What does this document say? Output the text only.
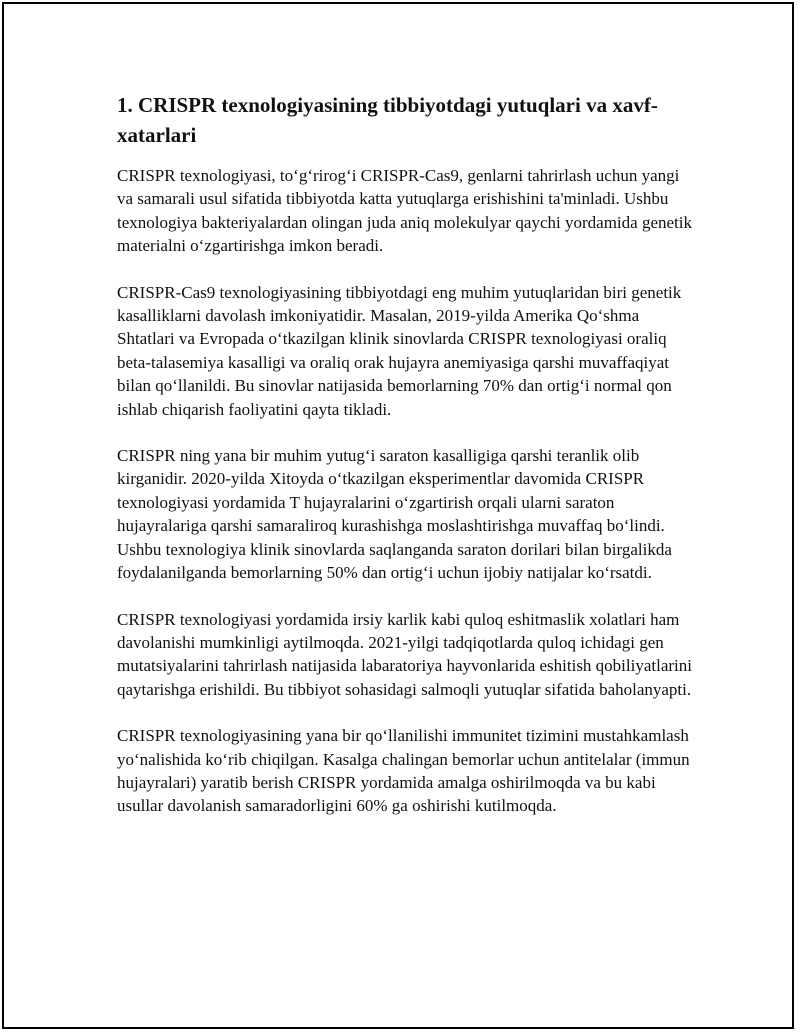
1. CRISPR texnologiyasining tibbiyotdagi yutuqlari va xavf-xatarlari

CRISPR texnologiyasi, to‘g‘rirog‘i CRISPR-Cas9, genlarni tahrirlash uchun yangi va samarali usul sifatida tibbiyotda katta yutuqlarga erishishini ta'minladi. Ushbu texnologiya bakteriyalardan olingan juda aniq molekulyar qaychi yordamida genetik materialni o‘zgartirishga imkon beradi.

CRISPR-Cas9 texnologiyasining tibbiyotdagi eng muhim yutuqlaridan biri genetik kasalliklarni davolash imkoniyatidir. Masalan, 2019-yilda Amerika Qo‘shma Shtatlari va Evropada o‘tkazilgan klinik sinovlarda CRISPR texnologiyasi oraliq beta-talasemiya kasalligi va oraliq orak hujayra anemiyasiga qarshi muvaffaqiyat bilan qo‘llanildi. Bu sinovlar natijasida bemorlarning 70% dan ortig‘i normal qon ishlab chiqarish faoliyatini qayta tikladi.

CRISPR ning yana bir muhim yutug‘i saraton kasalligiga qarshi teranlik olib kirganidir. 2020-yilda Xitoyda o‘tkazilgan eksperimentlar davomida CRISPR texnologiyasi yordamida T hujayralarini o‘zgartirish orqali ularni saraton hujayralariga qarshi samaraliroq kurashishga moslashtirishga muvaffaq bo‘lindi. Ushbu texnologiya klinik sinovlarda saqlanganda saraton dorilari bilan birgalikda foydalanilganda bemorlarning 50% dan ortig‘i uchun ijobiy natijalar ko‘rsatdi.

CRISPR texnologiyasi yordamida irsiy karlik kabi quloq eshitmaslik xolatlari ham davolanishi mumkinligi aytilmoqda. 2021-yilgi tadqiqotlarda quloq ichidagi gen mutatsiyalarini tahrirlash natijasida labaratoriya hayvonlarida eshitish qobiliyatlarini qaytarishga erishildi. Bu tibbiyot sohasidagi salmoqli yutuqlar sifatida baholanyapti.

CRISPR texnologiyasining yana bir qo‘llanilishi immunitet tizimini mustahkamlash yo‘nalishida ko‘rib chiqilgan. Kasalga chalingan bemorlar uchun antitelalar (immun hujayralari) yaratib berish CRISPR yordamida amalga oshirilmoqda va bu kabi usullar davolanish samaradorligini 60% ga oshirishi kutilmoqda.
